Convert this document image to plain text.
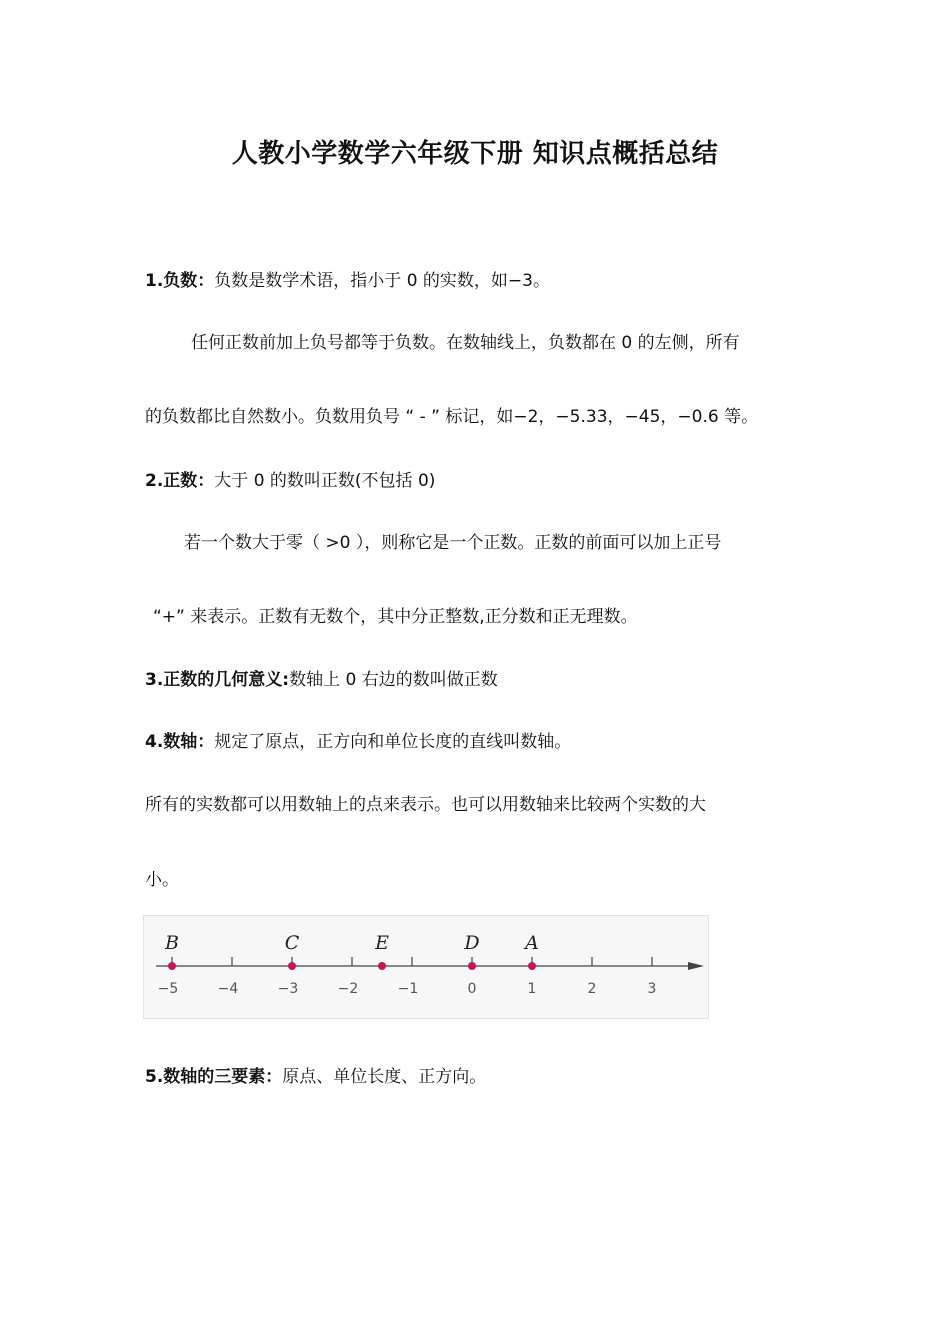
人教小学数学六年级下册 知识点概括总结
1.负数：负数是数学术语，指小于 0 的实数，如−3。
任何正数前加上负号都等于负数。在数轴线上，负数都在 0 的左侧，所有
的负数都比自然数小。负数用负号 “ - ” 标记，如−2，−5.33，−45，−0.6 等。
2.正数：大于 0 的数叫正数(不包括 0)
若一个数大于零（ >0 ），则称它是一个正数。正数的前面可以加上正号
“+” 来表示。正数有无数个，其中分正整数,正分数和正无理数。
3.正数的几何意义:数轴上 0 右边的数叫做正数
4.数轴：规定了原点，正方向和单位长度的直线叫数轴。
所有的实数都可以用数轴上的点来表示。也可以用数轴来比较两个实数的大
小。
−5	−4	−3	−2	−1	0	1	2	3
B	C	E	D A
5.数轴的三要素：原点、单位长度、正方向。
